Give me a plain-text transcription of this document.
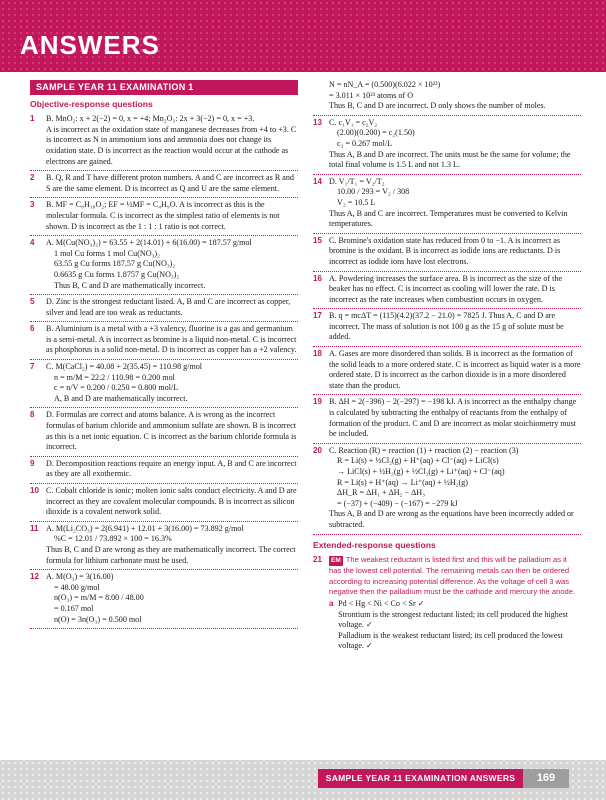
ANSWERS
SAMPLE YEAR 11 EXAMINATION 1
Objective-response questions
1	B. MnO₂: x + 2(−2) = 0, x = +4; Mn₂O₃: 2x + 3(−2) = 0, x = +3.
A is incorrect as the oxidation state of manganese decreases from +4 to +3. C is incorrect as N in ammonium ions and ammonia does not change its oxidation state. D is incorrect as the reaction would occur at the cathode as electrons are gained.
2	B. Q, R and T have different proton numbers. A and C are incorrect as R and S are the same element. D is incorrect as Q and U are the same element.
3	B. MF = C₈H₁₈O₂; EF = ½MF = C₄H₉O. A is incorrect as this is the molecular formula. C is incorrect as the simplest ratio of elements is not shown. D is incorrect as the 1 : 1 : 1 ratio is not correct.
4	A. M(Cu(NO₃)₂) = 63.55 + 2(14.01) + 6(16.00) = 187.57 g/mol
1 mol Cu forms 1 mol Cu(NO₃)₂
63.55 g Cu forms 187.57 g Cu(NO₃)₂
0.6635 g Cu forms 1.8757 g Cu(NO₃)₂
Thus B, C and D are mathematically incorrect.
5	D. Zinc is the strongest reductant listed. A, B and C are incorrect as copper, silver and lead are too weak as reductants.
6	B. Aluminium is a metal with a +3 valency, fluorine is a gas and germanium is a semi-metal. A is incorrect as bromine is a liquid non-metal. C is incorrect as phosphorus is a solid non-metal. D is incorrect as copper has a +2 valency.
7	C. M(CaCl₂) = 40.08 + 2(35.45) = 110.98 g/mol
n = m/M = 22.2 / 110.98 = 0.200 mol
c = n/V = 0.200 / 0.250 = 0.800 mol/L
A, B and D are mathematically incorrect.
8	D. Formulas are correct and atoms balance. A is wrong as the incorrect formulas of barium chloride and ammonium sulfate are shown. B is incorrect as this is a net ionic equation. C is incorrect as the barium chloride formula is incorrect.
9	D. Decomposition reactions require an energy input. A, B and C are incorrect as they are all exothermic.
10 C. Cobalt chloride is ionic; molten ionic salts conduct electricity. A and D are incorrect as they are covalent molecular compounds. B is incorrect as silicon dioxide is a covalent network solid.
11 A. M(Li₂CO₃) = 2(6.941) + 12.01 + 3(16.00) = 73.892 g/mol
%C = 12.01 / 73.892 × 100 = 16.3%
Thus B, C and D are wrong as they are mathematically incorrect. The correct formula for lithium carbonate must be used.
12 A. M(O₃) = 3(16.00)
= 48.00 g/mol
n(O₃) = m/M = 8.00 / 48.00
= 0.167 mol
n(O) = 3n(O₃) = 0.500 mol
N = nN_A = (0.500)(6.022 × 10²³)
= 3.011 × 10²³ atoms of O
Thus B, C and D are incorrect. D only shows the number of moles.
13 C. c₁V₁ = c₂V₂
(2.00)(0.200) = c₂(1.50)
c₂ = 0.267 mol/L
Thus A, B and D are incorrect. The units must be the same for volume; the total final volume is 1.5 L and not 1.3 L.
14 D. V₁/T₁ = V₂/T₂
10.00 / 293 = V₂ / 308
V₂ = 10.5 L
Thus A, B and C are incorrect. Temperatures must be converted to Kelvin temperatures.
15 C. Bromine's oxidation state has reduced from 0 to −1. A is incorrect as bromine is the oxidant. B is incorrect as iodide ions are reductants. D is incorrect as iodide ions have lost electrons.
16 A. Powdering increases the surface area. B is incorrect as the size of the beaker has no effect. C is incorrect as cooling will lower the rate. D is incorrect as the rate increases when combustion occurs in oxygen.
17 B. q = mcΔT = (115)(4.2)(37.2 − 21.0) = 7825 J. Thus A, C and D are incorrect. The mass of solution is not 100 g as the 15 g of solute must be added.
18 A. Gases are more disordered than solids. B is incorrect as the formation of the solid leads to a more ordered state. C is incorrect as liquid water is a more ordered state. D is incorrect as the carbon dioxide is in a more disordered state than the product.
19 B. ΔH = 2(−396) − 2(−297) = −198 kJ. A is incorrect as the enthalpy change is calculated by subtracting the enthalpy of reactants from the enthalpy of formation of the product. C and D are incorrect as molar stoichiometry must be included.
20 C. Reaction (R) = reaction (1) + reaction (2) − reaction (3)
R = Li(s) + ½Cl₂(g) + H⁺(aq) + Cl⁻(aq) + LiCl(s)
→ LiCl(s) + ½H₂(g) + ½Cl₂(g) + Li⁺(aq) + Cl⁻(aq)
R = Li(s) + H⁺(aq) → Li⁺(aq) + ½H₂(g)
ΔH_R = ΔH₁ + ΔH₂ − ΔH₃
= (−37) + (−409) − (−167) = −279 kJ
Thus A, B and D are wrong as the equations have been incorrectly added or subtracted.
Extended-response questions
21	EM The weakest reductant is listed first and this will be palladium as it has the lowest cell potential. The remaining metals can then be ordered according to increasing potential difference. As the voltage of cell 3 was negative then the palladium must be the cathode and mercury the anode.
a Pd < Hg < Ni < Co < Sr ✓
Strontium is the strongest reductant listed; its cell produced the highest voltage. ✓
Palladium is the weakest reductant listed; its cell produced the lowest voltage. ✓
SAMPLE YEAR 11 EXAMINATION ANSWERS	169
